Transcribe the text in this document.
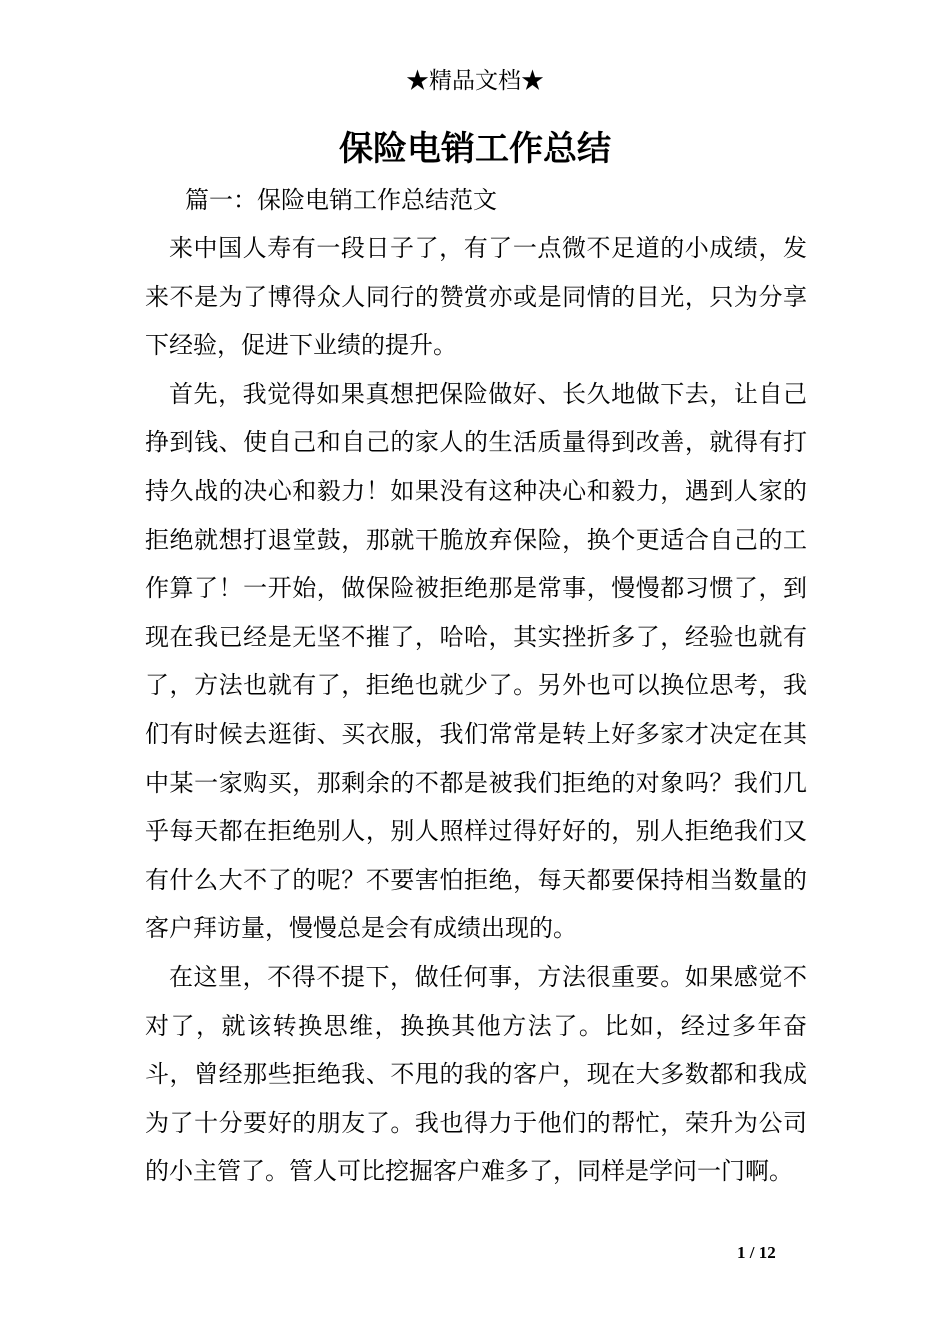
★精品文档★
保险电销工作总结
篇一：保险电销工作总结范文

来中国人寿有一段日子了，有了一点微不足道的小成绩，发来不是为了博得众人同行的赞赏亦或是同情的目光，只为分享下经验，促进下业绩的提升。

首先，我觉得如果真想把保险做好、长久地做下去，让自己挣到钱、使自己和自己的家人的生活质量得到改善，就得有打持久战的决心和毅力！如果没有这种决心和毅力，遇到人家的拒绝就想打退堂鼓，那就干脆放弃保险，换个更适合自己的工作算了！一开始，做保险被拒绝那是常事，慢慢都习惯了，到现在我已经是无坚不摧了，哈哈，其实挫折多了，经验也就有了，方法也就有了，拒绝也就少了。另外也可以换位思考，我们有时候去逛街、买衣服，我们常常是转上好多家才决定在其中某一家购买，那剩余的不都是被我们拒绝的对象吗？我们几乎每天都在拒绝别人，别人照样过得好好的，别人拒绝我们又有什么大不了的呢？不要害怕拒绝，每天都要保持相当数量的客户拜访量，慢慢总是会有成绩出现的。

在这里，不得不提下，做任何事，方法很重要。如果感觉不对了，就该转换思维，换换其他方法了。比如，经过多年奋斗，曾经那些拒绝我、不甩的我的客户，现在大多数都和我成为了十分要好的朋友了。我也得力于他们的帮忙，荣升为公司的小主管了。管人可比挖掘客户难多了，同样是学问一门啊。

1 / 12
